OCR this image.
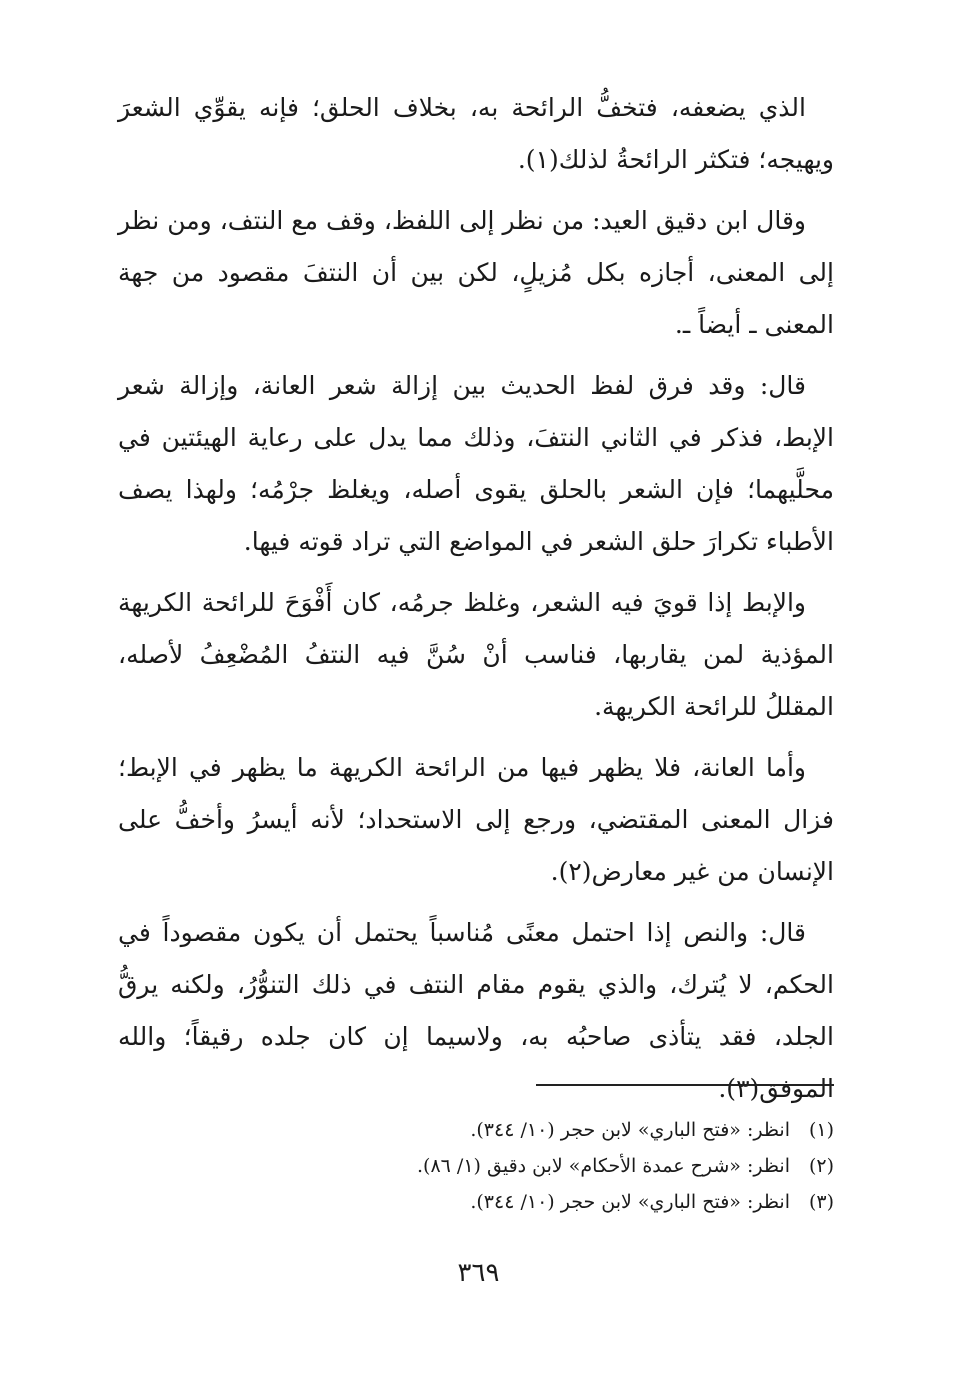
الذي يضعفه، فتخفُّ الرائحة به، بخلاف الحلق؛ فإنه يقوِّي الشعرَ ويهيجه؛ فتكثر الرائحةُ لذلك(١).

وقال ابن دقيق العيد: من نظر إلى اللفظ، وقف مع النتف، ومن نظر إلى المعنى، أجازه بكل مُزيلٍ، لكن بين أن النتفَ مقصود من جهة المعنى ـ أيضاً ـ.

قال: وقد فرق لفظ الحديث بين إزالة شعر العانة، وإزالة شعر الإبط، فذكر في الثاني النتفَ، وذلك مما يدل على رعاية الهيئتين في محلَّيهما؛ فإن الشعر بالحلق يقوى أصله، ويغلظ جرْمُه؛ ولهذا يصف الأطباء تكرارَ حلق الشعر في المواضع التي تراد قوته فيها.

والإبط إذا قويَ فيه الشعر، وغلظ جرمُه، كان أَفْوَحَ للرائحة الكريهة المؤذية لمن يقاربها، فناسب أنْ سُنَّ فيه النتفُ المُضْعِفُ لأصله، المقللُ للرائحة الكريهة.

وأما العانة، فلا يظهر فيها من الرائحة الكريهة ما يظهر في الإبط؛ فزال المعنى المقتضي، ورجع إلى الاستحداد؛ لأنه أيسرُ وأخفُّ على الإنسان من غير معارض(٢).

قال: والنص إذا احتمل معنًى مُناسباً يحتمل أن يكون مقصوداً في الحكم، لا يُترك، والذي يقوم مقام النتف في ذلك التنوُّرُ، ولكنه يرقُّ الجلد، فقد يتأذى صاحبُه به، ولاسيما إن كان جلده رقيقاً؛ والله الموفق(٣).

(١)
انظر: «فتح الباري» لابن حجر (١٠/ ٣٤٤).
(٢)
انظر: «شرح عمدة الأحكام» لابن دقيق (١/ ٨٦).
(٣)
انظر: «فتح الباري» لابن حجر (١٠/ ٣٤٤).
٣٦٩
